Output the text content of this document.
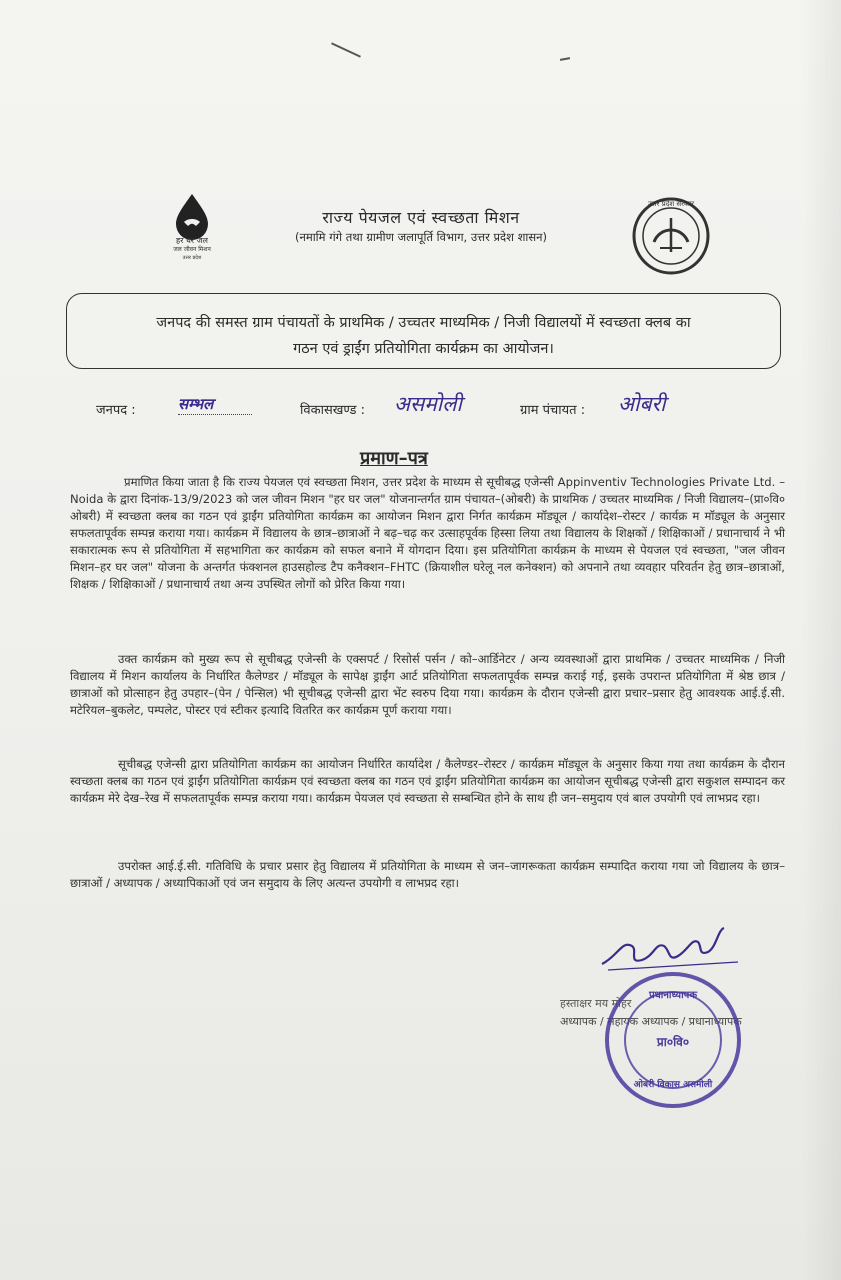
हर घर जल
जल जीवन मिशन
उत्तर प्रदेश
राज्य पेयजल एवं स्वच्छता मिशन
(नमामि गंगे तथा ग्रामीण जलापूर्ति विभाग, उत्तर प्रदेश शासन)
उत्तर प्रदेश सरकार
जनपद की समस्त ग्राम पंचायतों के प्राथमिक / उच्चतर माध्यमिक / निजी विद्यालयों में स्वच्छता क्लब का
गठन एवं ड्राईंग प्रतियोगिता कार्यक्रम का आयोजन।
जनपद :	सम्भल	विकासखण्ड : असमोली	ग्राम पंचायत : ओबरी
प्रमाण–पत्र
प्रमाणित किया जाता है कि राज्य पेयजल एवं स्वच्छता मिशन, उत्तर प्रदेश के माध्यम से सूचीबद्ध एजेन्सी Appinventiv Technologies Private Ltd. – Noida के द्वारा दिनांक-13/9/2023 को जल जीवन मिशन "हर घर जल" योजनान्तर्गत ग्राम पंचायत–(ओबरी) के प्राथमिक / उच्चतर माध्यमिक / निजी विद्यालय–(प्रा०वि० ओबरी) में स्वच्छता क्लब का गठन एवं ड्राईंग प्रतियोगिता कार्यक्रम का आयोजन मिशन द्वारा निर्गत कार्यक्रम मॉड्यूल / कार्यादेश–रोस्टर / कार्यक्र म मॉड्यूल के अनुसार सफलतापूर्वक सम्पन्न कराया गया। कार्यक्रम में विद्यालय के छात्र–छात्राओं ने बढ़–चढ़ कर उत्साहपूर्वक हिस्सा लिया तथा विद्यालय के शिक्षकों / शिक्षिकाओं / प्रधानाचार्य ने भी सकारात्मक रूप से प्रतियोगिता में सहभागिता कर कार्यक्रम को सफल बनाने में योगदान दिया। इस प्रतियोगिता कार्यक्रम के माध्यम से पेयजल एवं स्वच्छता, "जल जीवन मिशन–हर घर जल" योजना के अन्तर्गत फंक्शनल हाउसहोल्ड टैप कनैक्शन–FHTC (क्रियाशील घरेलू नल कनेक्शन) को अपनाने तथा व्यवहार परिवर्तन हेतु छात्र–छात्राओं, शिक्षक / शिक्षिकाओं / प्रधानाचार्य तथा अन्य उपस्थित लोगों को प्रेरित किया गया।
उक्त कार्यक्रम को मुख्य रूप से सूचीबद्ध एजेन्सी के एक्सपर्ट / रिसोर्स पर्सन / को–आर्डिनेटर / अन्य व्यवस्थाओं द्वारा प्राथमिक / उच्चतर माध्यमिक / निजी विद्यालय में मिशन कार्यालय के निर्धारित कैलेण्डर / मॉड्यूल के सापेक्ष ड्राईंग आर्ट प्रतियोगिता सफलतापूर्वक सम्पन्न कराई गई, इसके उपरान्त प्रतियोगिता में श्रेष्ठ छात्र / छात्राओं को प्रोत्साहन हेतु उपहार–(पेन / पेन्सिल) भी सूचीबद्ध एजेन्सी द्वारा भेंट स्वरुप दिया गया। कार्यक्रम के दौरान एजेन्सी द्वारा प्रचार–प्रसार हेतु आवश्यक आई.ई.सी. मटेरियल–बुकलेट, पम्पलेट, पोस्टर एवं स्टीकर इत्यादि वितरित कर कार्यक्रम पूर्ण कराया गया।
सूचीबद्ध एजेन्सी द्वारा प्रतियोगिता कार्यक्रम का आयोजन निर्धारित कार्यादेश / कैलेण्डर–रोस्टर / कार्यक्रम मॉड्यूल के अनुसार किया गया तथा कार्यक्रम के दौरान स्वच्छता क्लब का गठन एवं ड्राईंग प्रतियोगिता कार्यक्रम एवं स्वच्छता क्लब का गठन एवं ड्राईंग प्रतियोगिता कार्यक्रम का आयोजन सूचीबद्ध एजेन्सी द्वारा सकुशल सम्पादन कर कार्यक्रम मेरे देख–रेख में सफलतापूर्वक सम्पन्न कराया गया। कार्यक्रम पेयजल एवं स्वच्छता से सम्बन्धित होने के साथ ही जन–समुदाय एवं बाल उपयोगी एवं लाभप्रद रहा।
उपरोक्त आई.ई.सी. गतिविधि के प्रचार प्रसार हेतु विद्यालय में प्रतियोगिता के माध्यम से जन–जागरूकता कार्यक्रम सम्पादित कराया गया जो विद्यालय के छात्र–छात्राओं / अध्यापक / अध्यापिकाओं एवं जन समुदाय के लिए अत्यन्त उपयोगी व लाभप्रद रहा।
हस्ताक्षर मय मोहर
अध्यापक / सहायक अध्यापक / प्रधानाध्यापक
प्रधानाध्यापक
प्रा०वि०
ओबरी विकास असमोली
